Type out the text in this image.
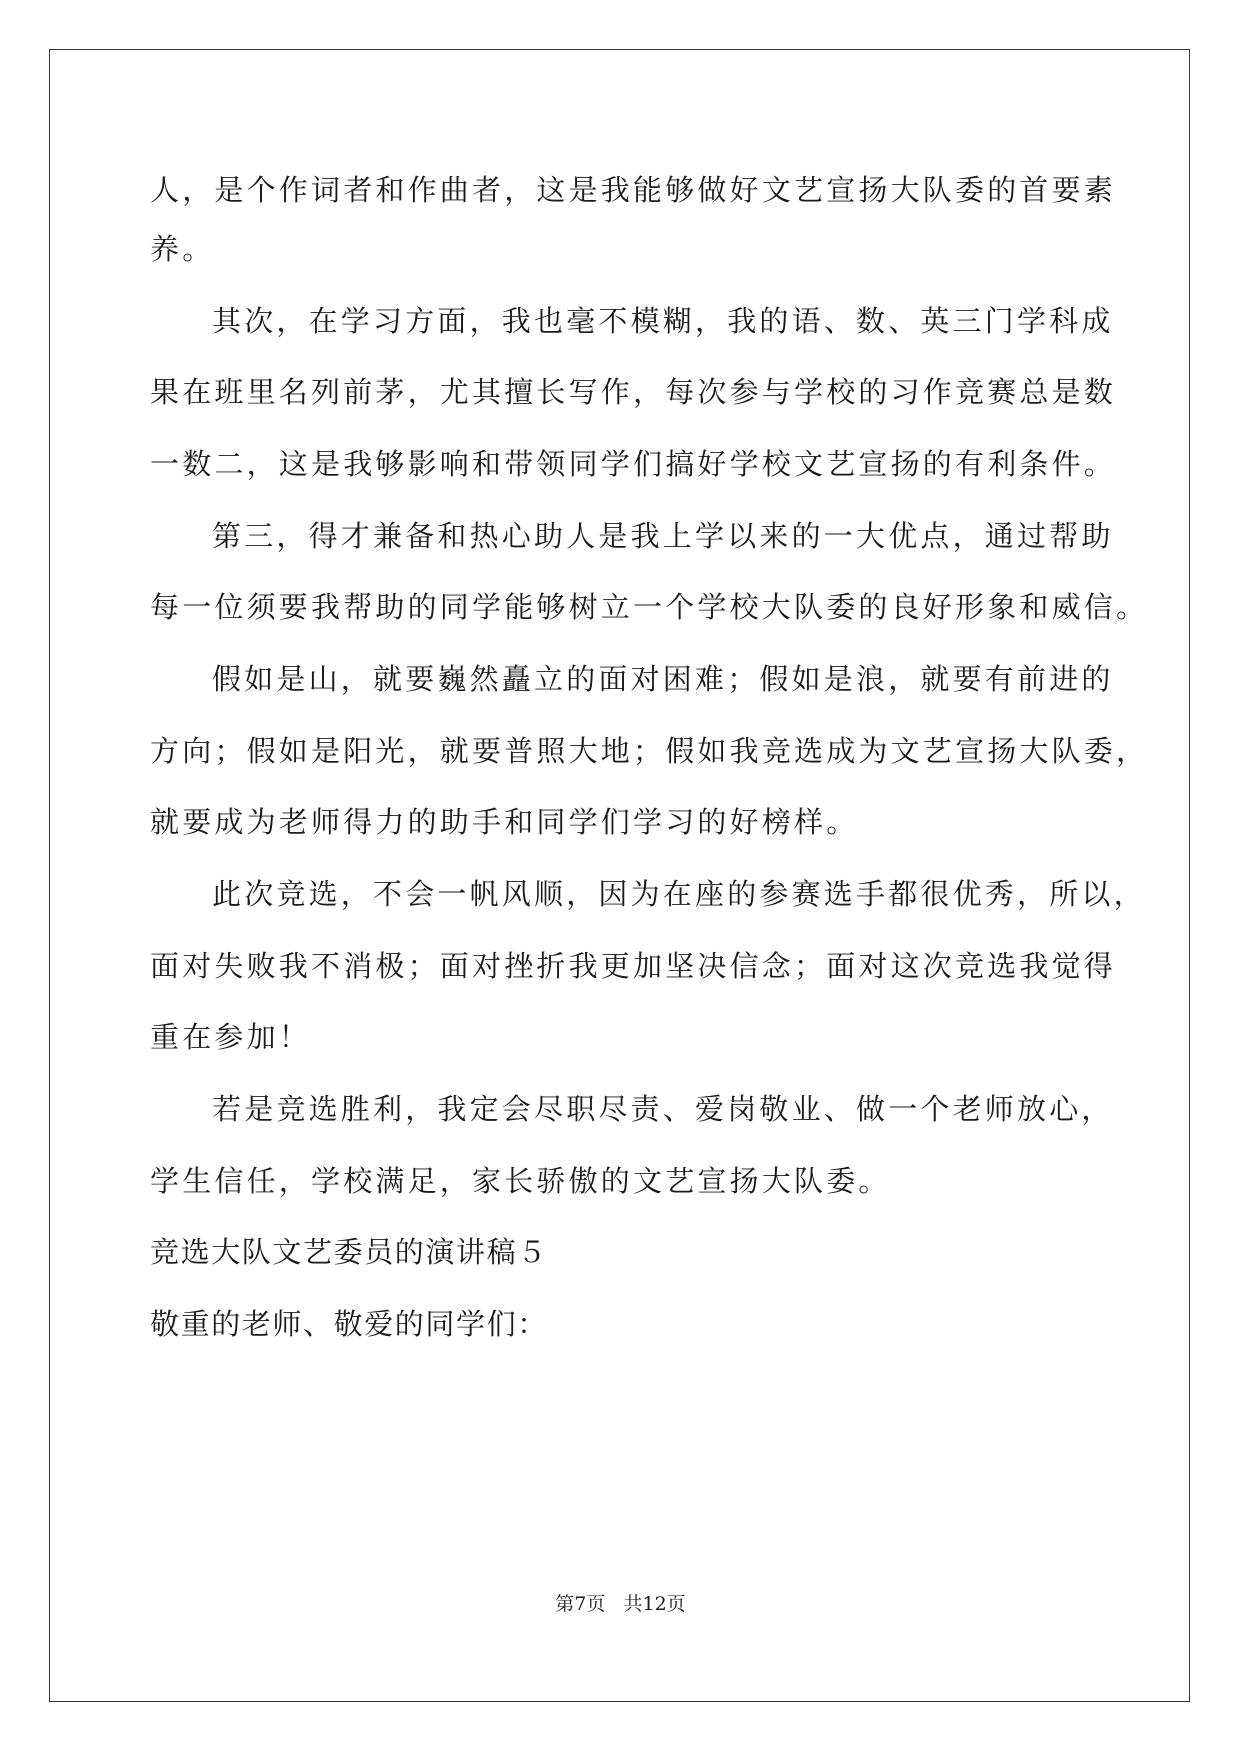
人，是个作词者和作曲者，这是我能够做好文艺宣扬大队委的首要素
养。
其次，在学习方面，我也毫不模糊，我的语、数、英三门学科成
果在班里名列前茅，尤其擅长写作，每次参与学校的习作竞赛总是数
一数二，这是我够影响和带领同学们搞好学校文艺宣扬的有利条件。
第三，得才兼备和热心助人是我上学以来的一大优点，通过帮助
每一位须要我帮助的同学能够树立一个学校大队委的良好形象和威信。
假如是山，就要巍然矗立的面对困难；假如是浪，就要有前进的
方向；假如是阳光，就要普照大地；假如我竞选成为文艺宣扬大队委，
就要成为老师得力的助手和同学们学习的好榜样。
此次竞选，不会一帆风顺，因为在座的参赛选手都很优秀，所以，
面对失败我不消极；面对挫折我更加坚决信念；面对这次竞选我觉得
重在参加！
若是竞选胜利，我定会尽职尽责、爱岗敬业、做一个老师放心，
学生信任，学校满足，家长骄傲的文艺宣扬大队委。
竞选大队文艺委员的演讲稿５
敬重的老师、敬爱的同学们：
第7页   共12页
